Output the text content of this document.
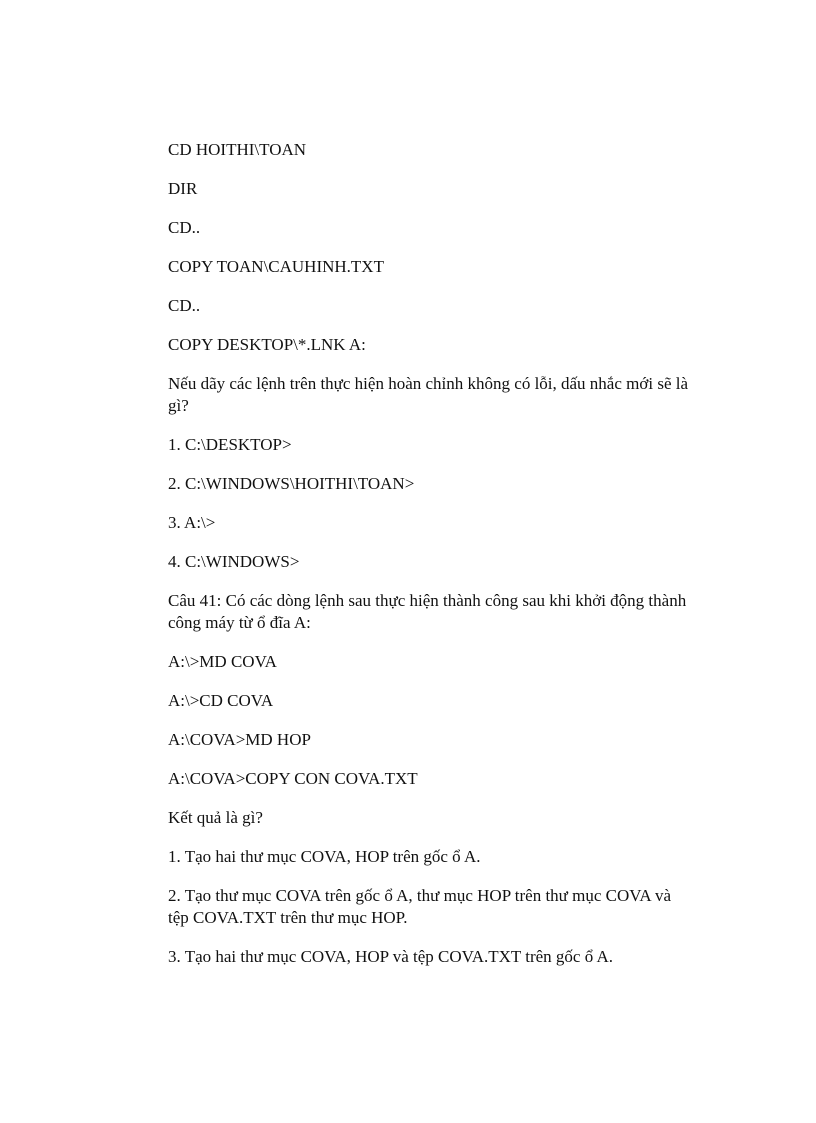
CD HOITHI\TOAN

DIR

CD..

COPY TOAN\CAUHINH.TXT

CD..

COPY DESKTOP\*.LNK A:

Nếu dãy các lệnh trên thực hiện hoàn chỉnh không có lỗi, dấu nhắc mới sẽ là gì?

1. C:\DESKTOP>

2. C:\WINDOWS\HOITHI\TOAN>

3. A:\>

4. C:\WINDOWS>

Câu 41: Có các dòng lệnh sau thực hiện thành công sau khi khởi động thành công máy từ ổ đĩa A:

A:\>MD COVA

A:\>CD COVA

A:\COVA>MD HOP

A:\COVA>COPY CON COVA.TXT

Kết quả là gì?

1. Tạo hai thư mục COVA, HOP trên gốc ổ A.

2. Tạo thư mục COVA trên gốc ổ A, thư mục HOP trên thư mục COVA và tệp COVA.TXT trên thư mục HOP.

3. Tạo hai thư mục COVA, HOP và tệp COVA.TXT trên gốc ổ A.
